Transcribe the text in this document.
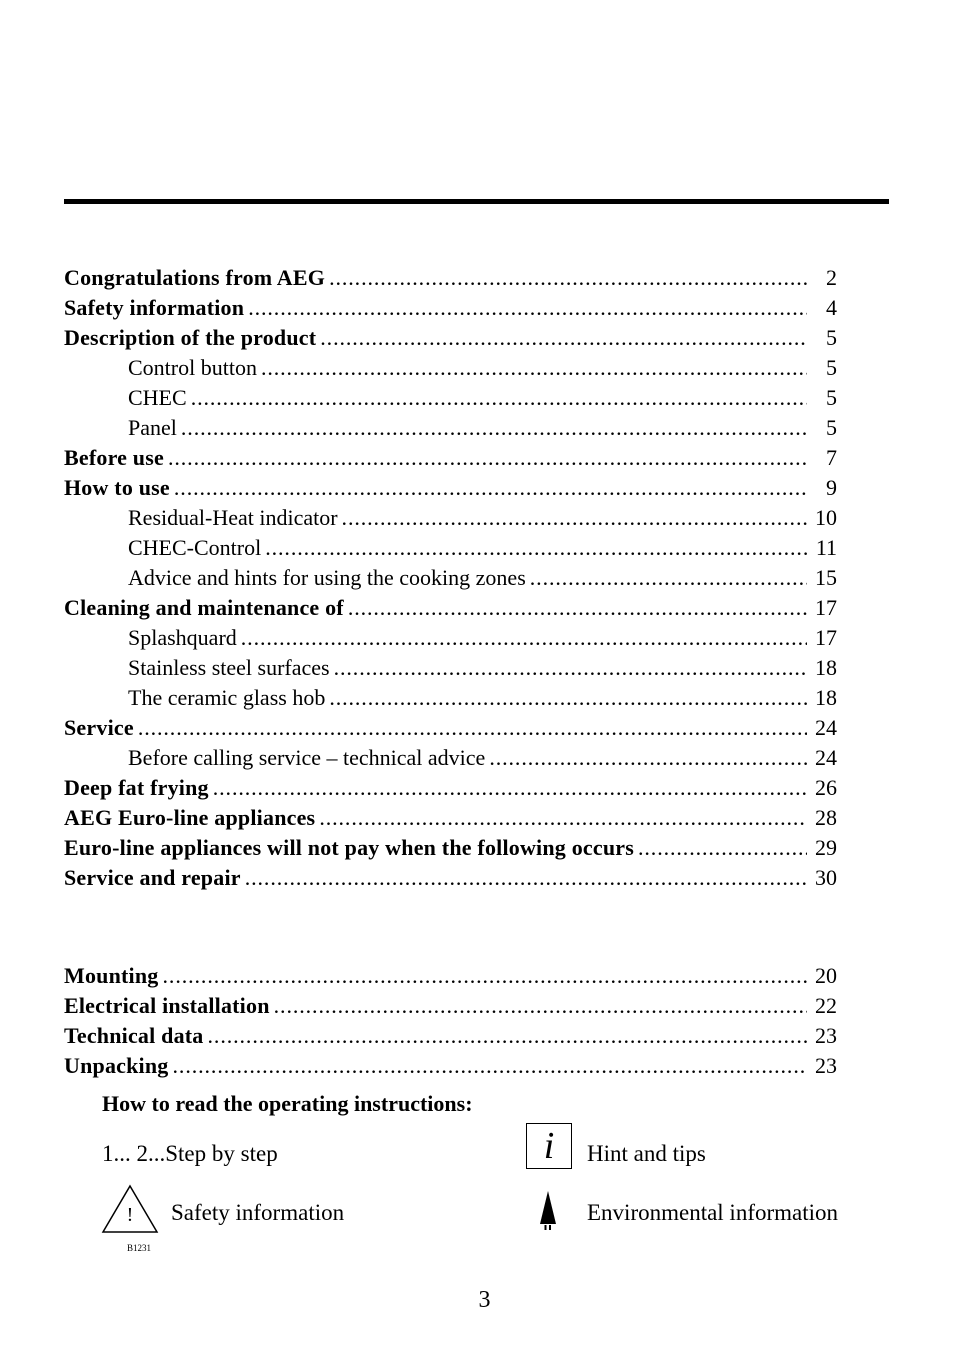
Congratulations from AEG .....	2
Safety information .....	4
Description of the product .....	5
Control button .....	5
CHEC .....	5
Panel .....	5
Before use .....	7
How to use .....	9
Residual-Heat indicator .....	10
CHEC-Control .....	11
Advice and hints for using the cooking zones .....	15
Cleaning and maintenance of .....	17
Splashquard .....	17
Stainless steel surfaces .....	18
The ceramic glass hob .....	18
Service .....	24
Before calling service – technical advice .....	24
Deep fat frying .....	26
AEG Euro-line appliances .....	28
Euro-line appliances will not pay when the following occurs .....	29
Service and repair .....	30
Mounting .....	20
Electrical installation .....	22
Technical data .....	23
Unpacking .....	23
How to read the operating instructions:
1... 2...Step by step	i Hint and tips
!
B1231
Safety information	Environmental information
3
